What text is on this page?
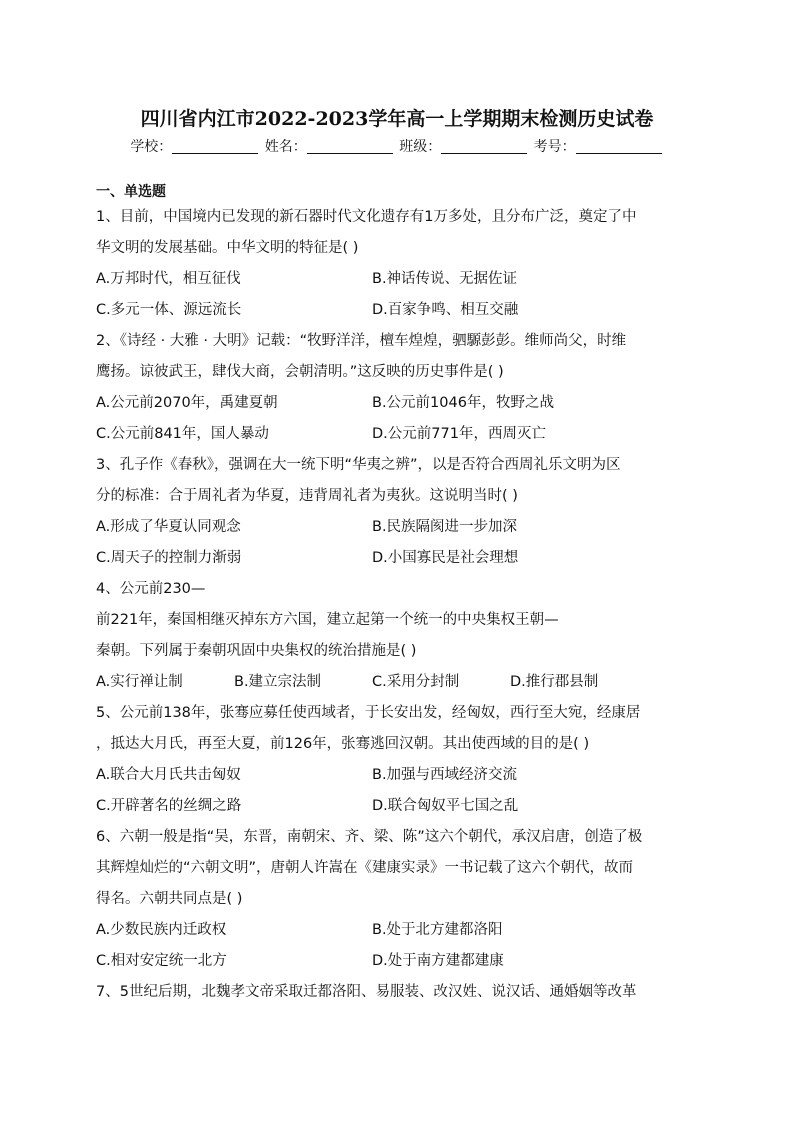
四川省内江市2022-2023学年高一上学期期末检测历史试卷
学校：	姓名：	班级：	考号：
一、单选题
1、目前，中国境内已发现的新石器时代文化遗存有1万多处，且分布广泛，奠定了中
华文明的发展基础。中华文明的特征是( )
A.万邦时代，相互征伐	B.神话传说、无据佐证
C.多元一体、源远流长	D.百家争鸣、相互交融
2、《诗经 · 大雅 · 大明》记载：“牧野洋洋，檀车煌煌，驷騵彭彭。维师尚父，时维
鹰扬。谅彼武王，肆伐大商，会朝清明。”这反映的历史事件是( )
A.公元前2070年，禹建夏朝	B.公元前1046年，牧野之战
C.公元前841年，国人暴动	D.公元前771年，西周灭亡
3、孔子作《春秋》，强调在大一统下明“华夷之辨”，以是否符合西周礼乐文明为区
分的标准：合于周礼者为华夏，违背周礼者为夷狄。这说明当时( )
A.形成了华夏认同观念	B.民族隔阂进一步加深
C.周天子的控制力渐弱	D.小国寡民是社会理想
4、公元前230—
前221年，秦国相继灭掉东方六国，建立起第一个统一的中央集权王朝—
秦朝。下列属于秦朝巩固中央集权的统治措施是( )
A.实行禅让制	B.建立宗法制	C.采用分封制	D.推行郡县制
5、公元前138年，张骞应募任使西域者，于长安出发，经匈奴，西行至大宛，经康居
，抵达大月氏，再至大夏，前126年，张骞逃回汉朝。其出使西域的目的是( )
A.联合大月氏共击匈奴	B.加强与西域经济交流
C.开辟著名的丝绸之路	D.联合匈奴平七国之乱
6、六朝一般是指“吴，东晋，南朝宋、齐、梁、陈”这六个朝代，承汉启唐，创造了极
其辉煌灿烂的“六朝文明”，唐朝人许嵩在《建康实录》一书记载了这六个朝代，故而
得名。六朝共同点是( )
A.少数民族内迁政权	B.处于北方建都洛阳
C.相对安定统一北方	D.处于南方建都建康
7、5世纪后期，北魏孝文帝采取迁都洛阳、易服装、改汉姓、说汉话、通婚姻等改革
